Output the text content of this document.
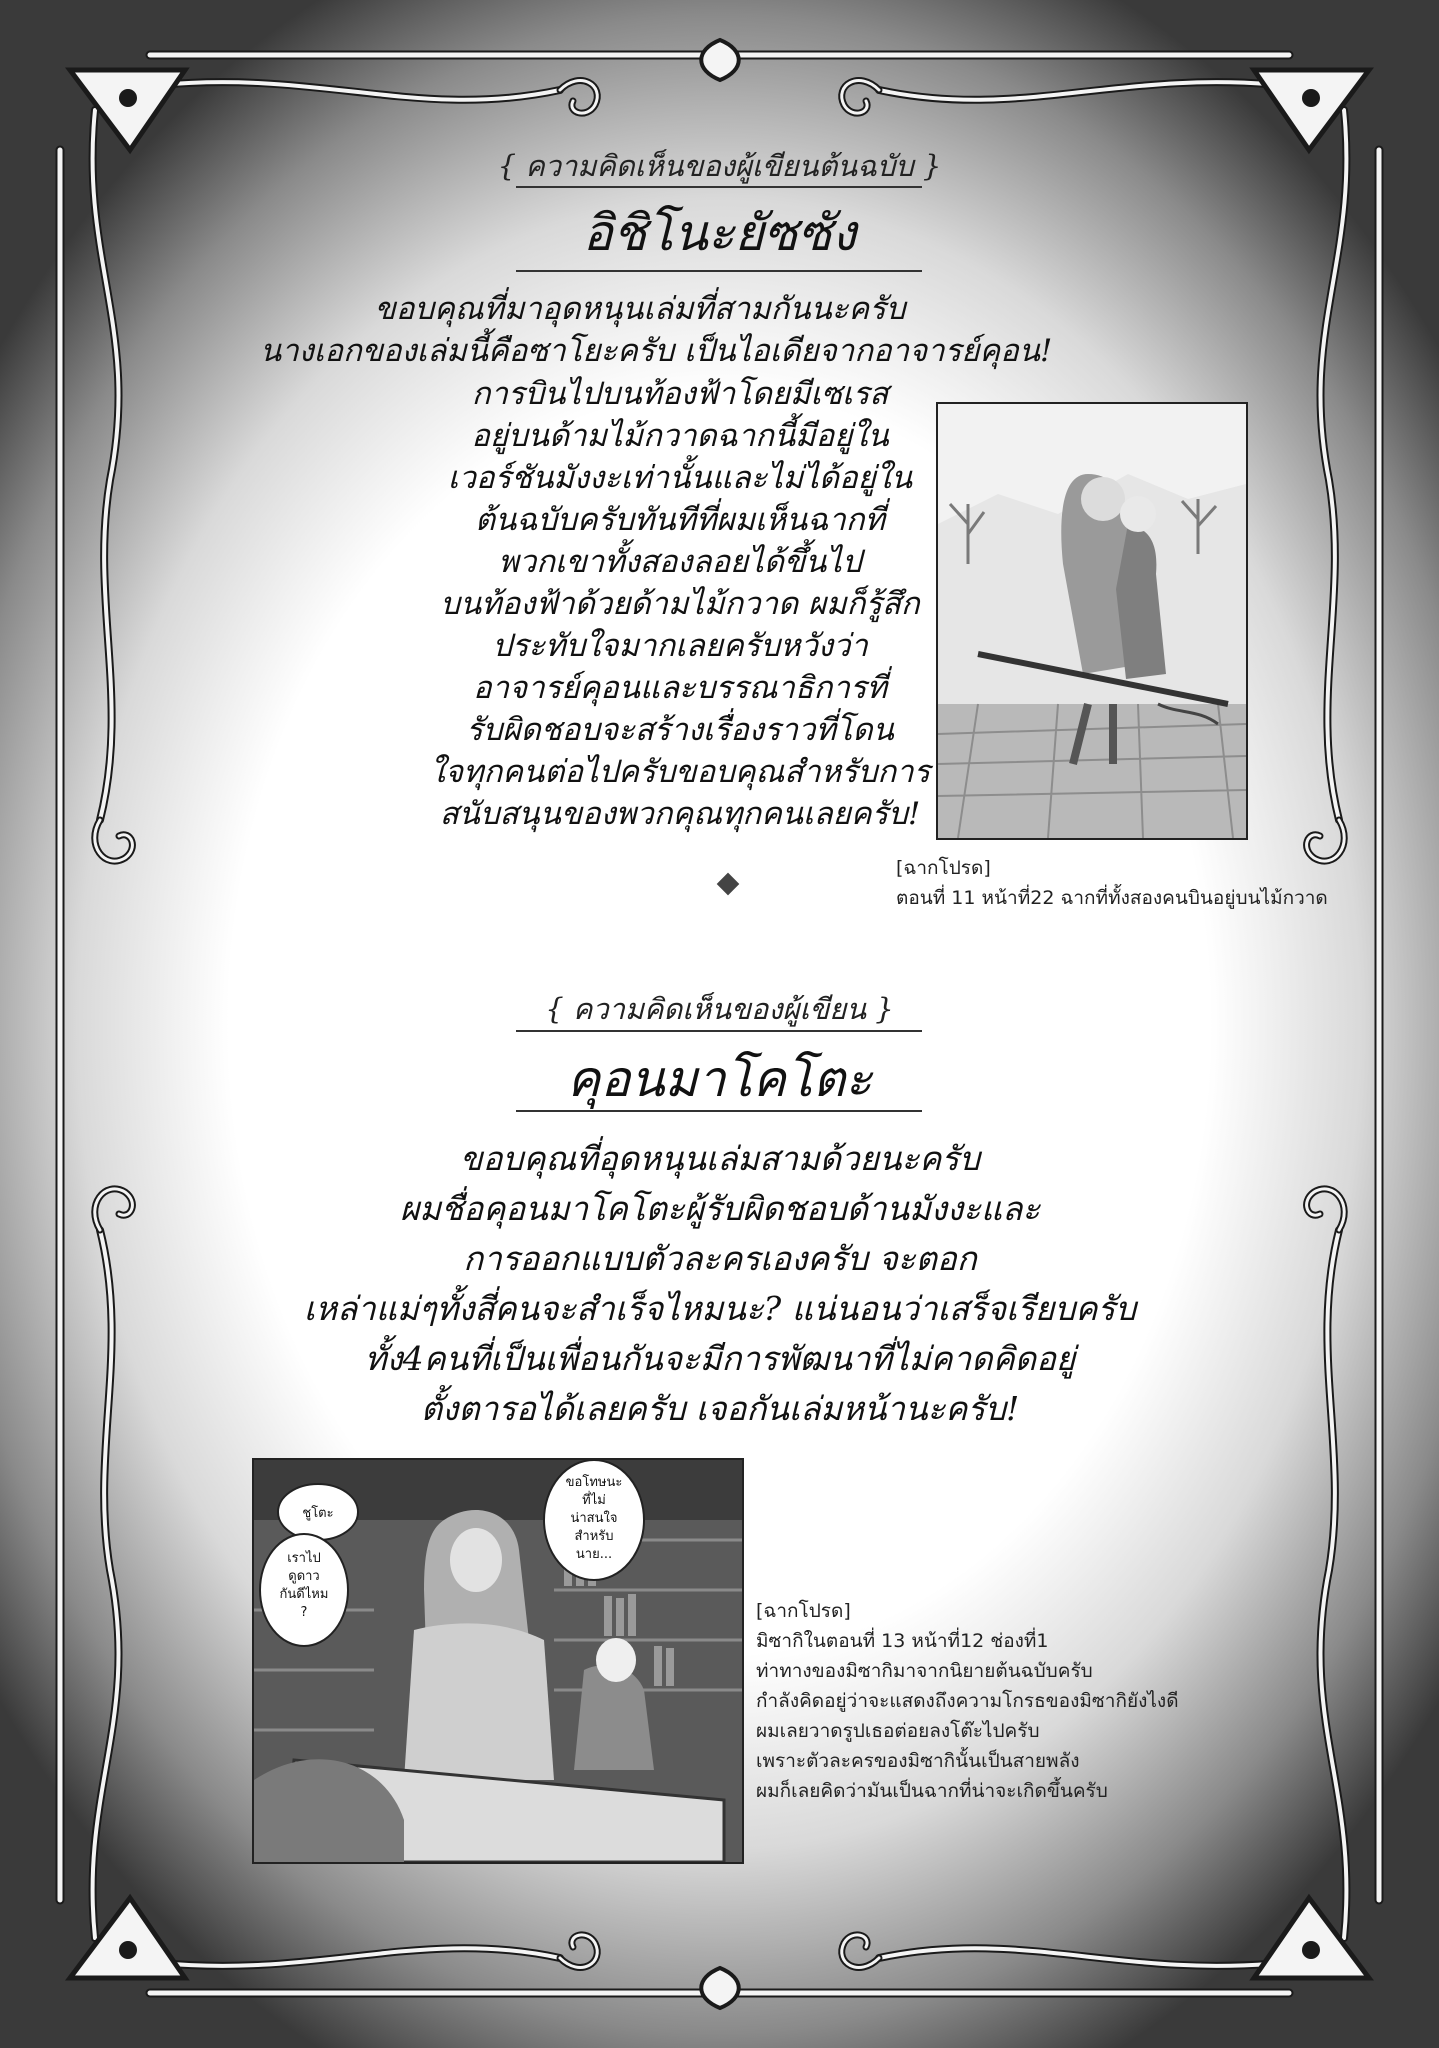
{ ความคิดเห็นของผู้เขียนต้นฉบับ }
อิชิโนะยัซซัง
ขอบคุณที่มาอุดหนุนเล่มที่สามกันนะครับ
นางเอกของเล่มนี้คือซาโยะครับ เป็นไอเดียจากอาจารย์คุอน!
การบินไปบนท้องฟ้าโดยมีเซเรส
อยู่บนด้ามไม้กวาดฉากนี้มีอยู่ใน
เวอร์ชันมังงะเท่านั้นและไม่ได้อยู่ใน
ต้นฉบับครับทันทีที่ผมเห็นฉากที่
พวกเขาทั้งสองลอยได้ขึ้นไป
บนท้องฟ้าด้วยด้ามไม้กวาด ผมก็รู้สึก
ประทับใจมากเลยครับหวังว่า
อาจารย์คุอนและบรรณาธิการที่
รับผิดชอบจะสร้างเรื่องราวที่โดน
ใจทุกคนต่อไปครับขอบคุณสำหรับการ
สนับสนุนของพวกคุณทุกคนเลยครับ!
[ฉากโปรด]
ตอนที่ 11 หน้าที่22 ฉากที่ทั้งสองคนบินอยู่บนไม้กวาด
{ ความคิดเห็นของผู้เขียน }
คุอนมาโคโตะ
ขอบคุณที่อุดหนุนเล่มสามด้วยนะครับ
ผมชื่อคุอนมาโคโตะผู้รับผิดชอบด้านมังงะและ
การออกแบบตัวละครเองครับ จะตอก
เหล่าแม่ๆทั้งสี่คนจะสำเร็จไหมนะ? แน่นอนว่าเสร็จเรียบครับ
ทั้ง4คนที่เป็นเพื่อนกันจะมีการพัฒนาที่ไม่คาดคิดอยู่
ตั้งตารอได้เลยครับ เจอกันเล่มหน้านะครับ!
ชูโตะ
เราไป
ดูดาว
กันดีไหม
?
ขอโทษนะ
ที่ไม่
น่าสนใจ
สำหรับ
นาย...
[ฉากโปรด]
มิซากิในตอนที่ 13 หน้าที่12 ช่องที่1
ท่าทางของมิซากิมาจากนิยายต้นฉบับครับ
กำลังคิดอยู่ว่าจะแสดงถึงความโกรธของมิซากิยังไงดี
ผมเลยวาดรูปเธอต่อยลงโต๊ะไปครับ
เพราะตัวละครของมิซากินั้นเป็นสายพลัง
ผมก็เลยคิดว่ามันเป็นฉากที่น่าจะเกิดขึ้นครับ
